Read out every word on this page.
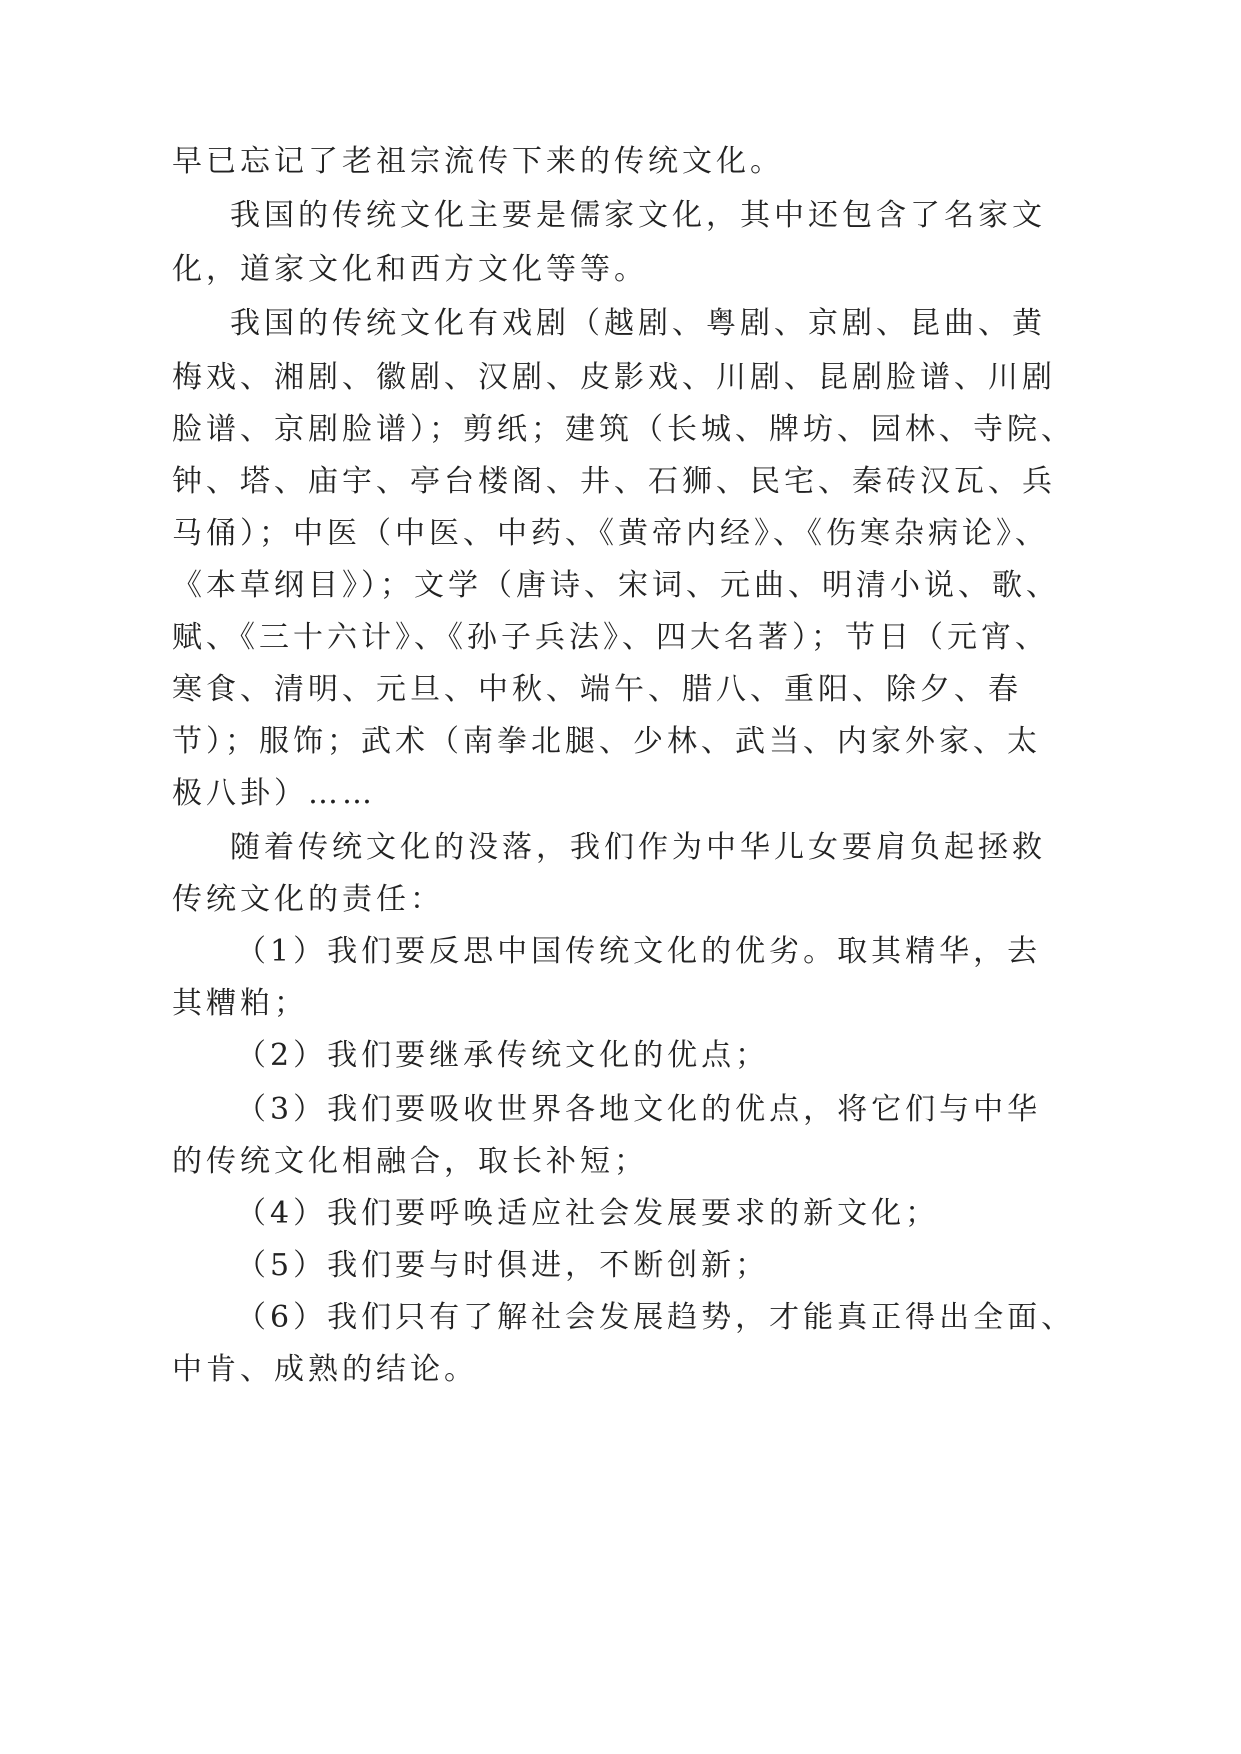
早已忘记了老祖宗流传下来的传统文化。
我国的传统文化主要是儒家文化，其中还包含了名家文
化，道家文化和西方文化等等。
我国的传统文化有戏剧（越剧、粤剧、京剧、昆曲、黄
梅戏、湘剧、徽剧、汉剧、皮影戏、川剧、昆剧脸谱、川剧
脸谱、京剧脸谱）；剪纸；建筑（长城、牌坊、园林、寺院、
钟、塔、庙宇、亭台楼阁、井、石狮、民宅、秦砖汉瓦、兵
马俑）；中医（中医、中药、《黄帝内经》、《伤寒杂病论》、
《本草纲目》）；文学（唐诗、宋词、元曲、明清小说、歌、
赋、《三十六计》、《孙子兵法》、四大名著）；节日（元宵、
寒食、清明、元旦、中秋、端午、腊八、重阳、除夕、春
节）；服饰；武术（南拳北腿、少林、武当、内家外家、太
极八卦）……
随着传统文化的没落，我们作为中华儿女要肩负起拯救
传统文化的责任：
（1）我们要反思中国传统文化的优劣。取其精华，去
其糟粕；
（2）我们要继承传统文化的优点；
（3）我们要吸收世界各地文化的优点，将它们与中华
的传统文化相融合，取长补短；
（4）我们要呼唤适应社会发展要求的新文化；
（5）我们要与时俱进，不断创新；
（6）我们只有了解社会发展趋势，才能真正得出全面、
中肯、成熟的结论。
